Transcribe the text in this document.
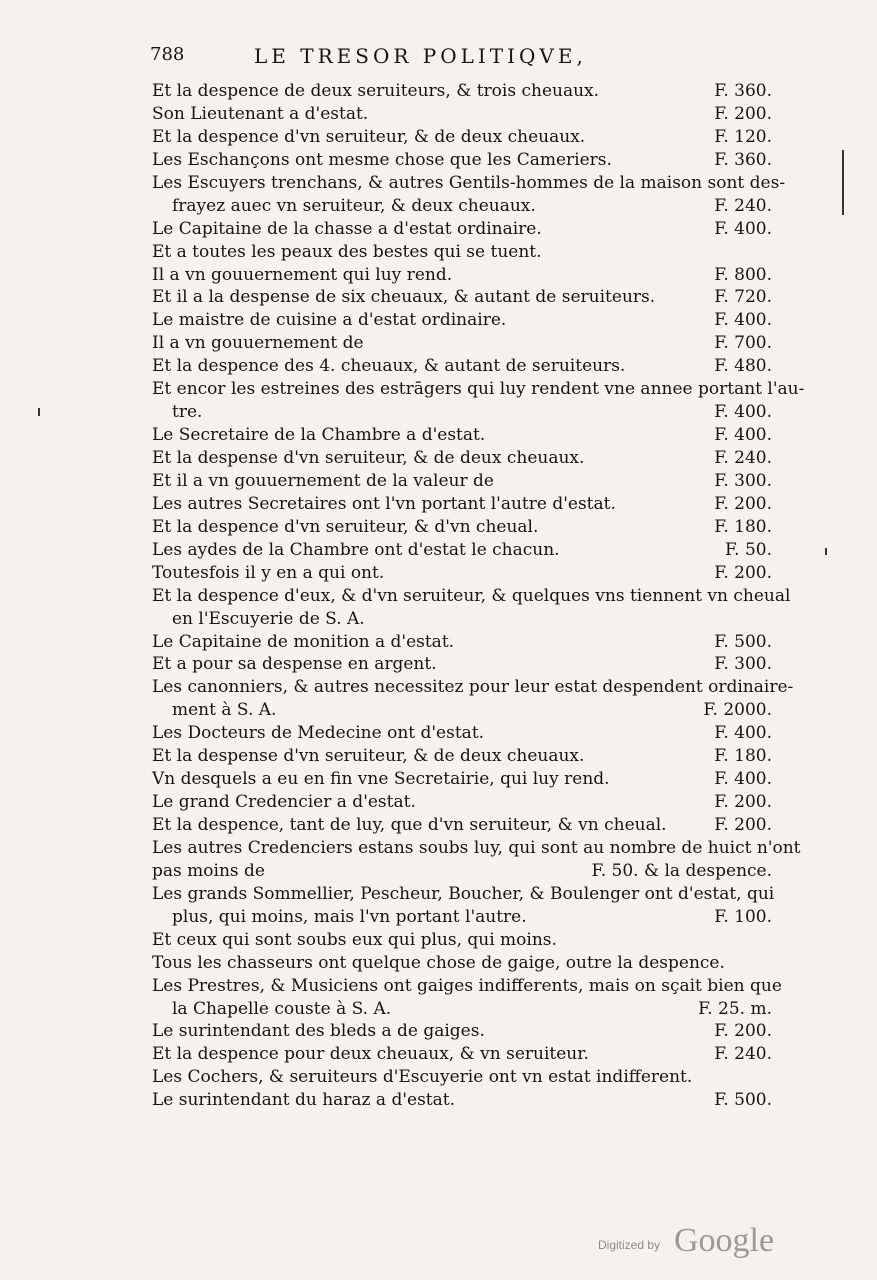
788	LE TRESOR POLITIQVE,
Et la despence de deux seruiteurs, & trois cheuaux.	F. 360.
Son Lieutenant a d'estat.	F. 200.
Et la despence d'vn seruiteur, & de deux cheuaux.	F. 120.
Les Eschançons ont mesme chose que les Cameriers.	F. 360.
Les Escuyers trenchans, & autres Gentils-hommes de la maison sont des-
frayez auec vn seruiteur, & deux cheuaux.	F. 240.
Le Capitaine de la chasse a d'estat ordinaire.	F. 400.
Et a toutes les peaux des bestes qui se tuent.
Il a vn gouuernement qui luy rend.	F. 800.
Et il a la despense de six cheuaux, & autant de seruiteurs.	F. 720.
Le maistre de cuisine a d'estat ordinaire.	F. 400.
Il a vn gouuernement de	F. 700.
Et la despence des 4. cheuaux, & autant de seruiteurs.	F. 480.
Et encor les estreines des estrāgers qui luy rendent vne annee portant l'au-
tre.	F. 400.
Le Secretaire de la Chambre a d'estat.	F. 400.
Et la despense d'vn seruiteur, & de deux cheuaux.	F. 240.
Et il a vn gouuernement de la valeur de	F. 300.
Les autres Secretaires ont l'vn portant l'autre d'estat.	F. 200.
Et la despence d'vn seruiteur, & d'vn cheual.	F. 180.
Les aydes de la Chambre ont d'estat le chacun.	F. 50.
Toutesfois il y en a qui ont.	F. 200.
Et la despence d'eux, & d'vn seruiteur, & quelques vns tiennent vn cheual
en l'Escuyerie de S. A.
Le Capitaine de monition a d'estat.	F. 500.
Et a pour sa despense en argent.	F. 300.
Les canonniers, & autres necessitez pour leur estat despendent ordinaire-
ment à S. A.	F. 2000.
Les Docteurs de Medecine ont d'estat.	F. 400.
Et la despense d'vn seruiteur, & de deux cheuaux.	F. 180.
Vn desquels a eu en fin vne Secretairie, qui luy rend.	F. 400.
Le grand Credencier a d'estat.	F. 200.
Et la despence, tant de luy, que d'vn seruiteur, & vn cheual.	F. 200.
Les autres Credenciers estans soubs luy, qui sont au nombre de huict n'ont
pas moins de	F. 50. & la despence.
Les grands Sommellier, Pescheur, Boucher, & Boulenger ont d'estat, qui
plus, qui moins, mais l'vn portant l'autre.	F. 100.
Et ceux qui sont soubs eux qui plus, qui moins.
Tous les chasseurs ont quelque chose de gaige, outre la despence.
Les Prestres, & Musiciens ont gaiges indifferents, mais on sçait bien que
la Chapelle couste à S. A.	F. 25. m.
Le surintendant des bleds a de gaiges.	F. 200.
Et la despence pour deux cheuaux, & vn seruiteur.	F. 240.
Les Cochers, & seruiteurs d'Escuyerie ont vn estat indifferent.
Le surintendant du haraz a d'estat.	F. 500.
Digitized by Google
